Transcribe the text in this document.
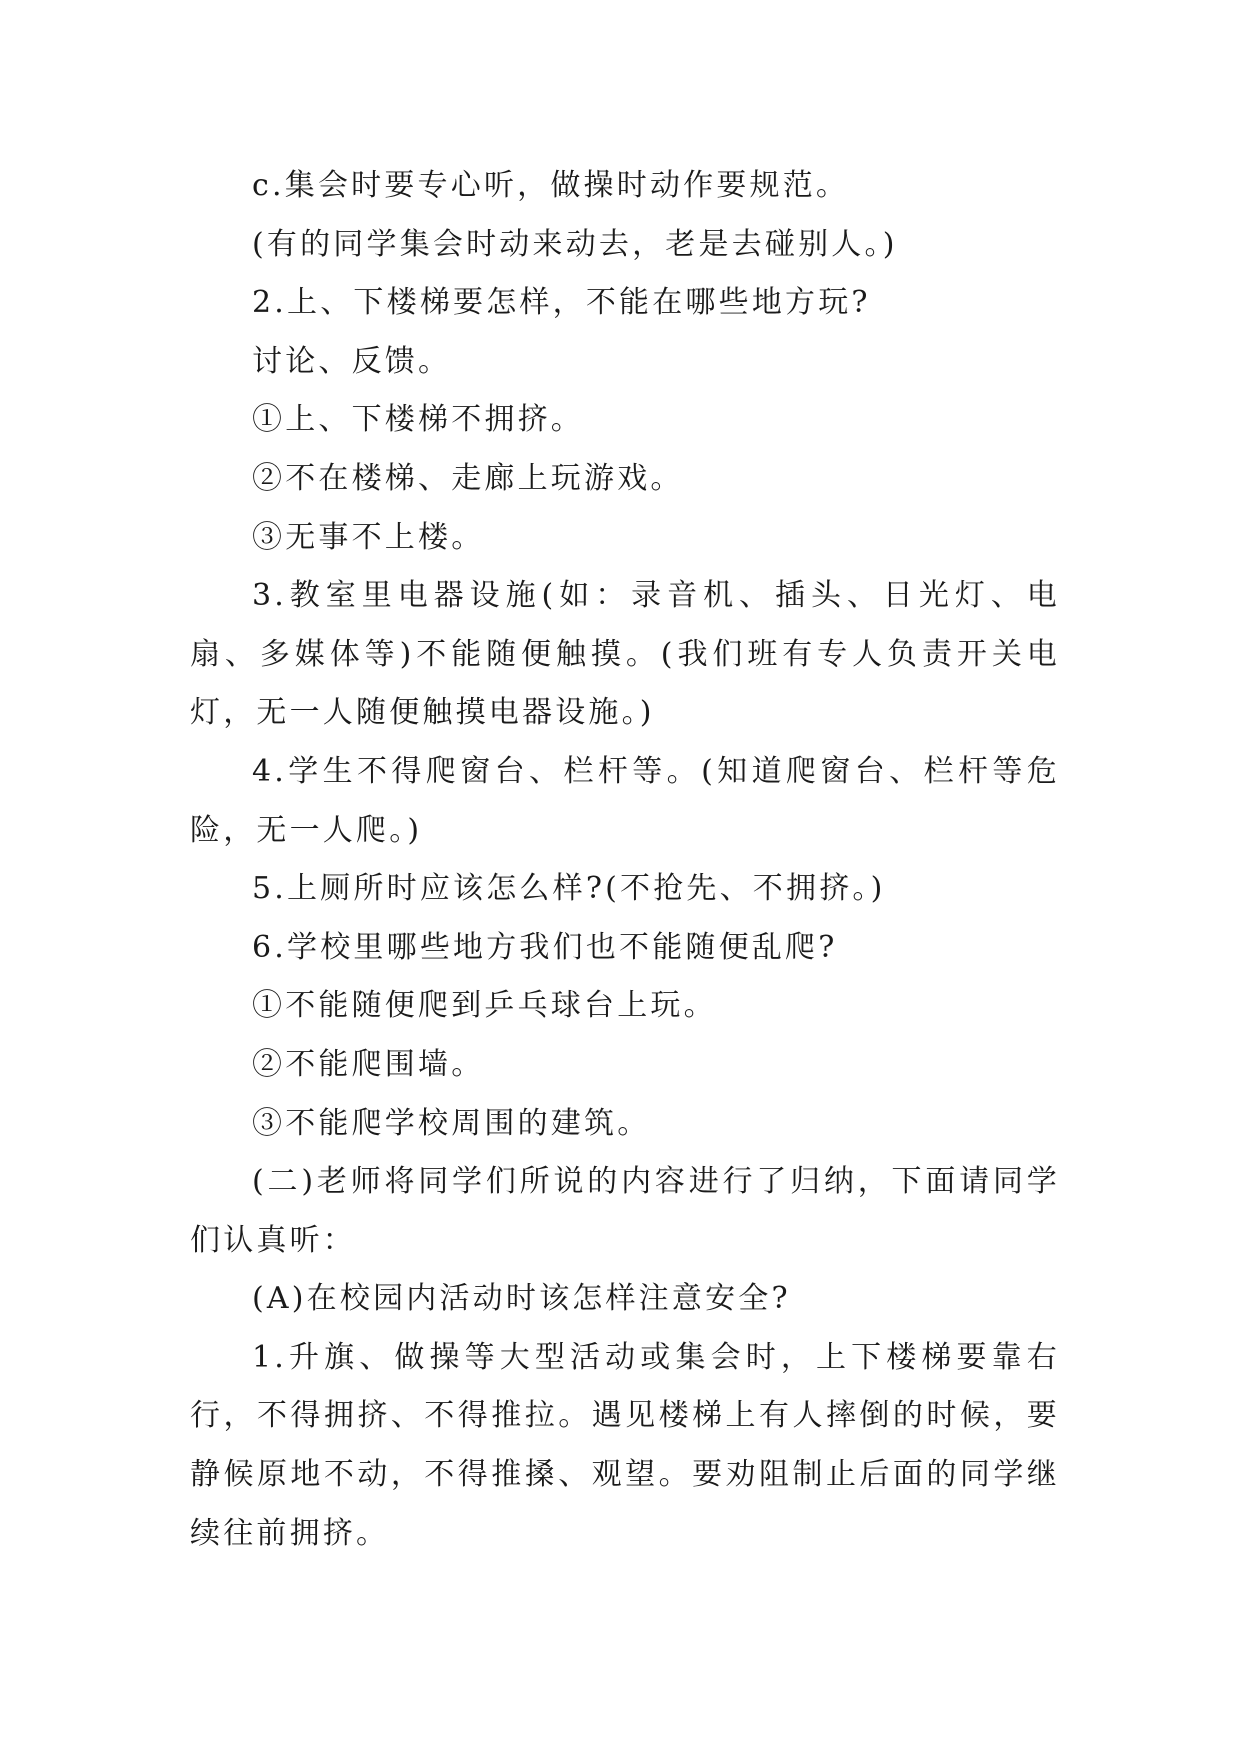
c.集会时要专心听，做操时动作要规范。

(有的同学集会时动来动去，老是去碰别人。)

2.上、下楼梯要怎样，不能在哪些地方玩?

讨论、反馈。

①上、下楼梯不拥挤。

②不在楼梯、走廊上玩游戏。

③无事不上楼。

3.教室里电器设施(如：录音机、插头、日光灯、电扇、多媒体等)不能随便触摸。(我们班有专人负责开关电灯，无一人随便触摸电器设施。)

4.学生不得爬窗台、栏杆等。(知道爬窗台、栏杆等危险，无一人爬。)

5.上厕所时应该怎么样?(不抢先、不拥挤。)

6.学校里哪些地方我们也不能随便乱爬?

①不能随便爬到乒乓球台上玩。

②不能爬围墙。

③不能爬学校周围的建筑。

(二)老师将同学们所说的内容进行了归纳，下面请同学们认真听：

(A)在校园内活动时该怎样注意安全?

1.升旗、做操等大型活动或集会时，上下楼梯要靠右行，不得拥挤、不得推拉。遇见楼梯上有人摔倒的时候，要静候原地不动，不得推搡、观望。要劝阻制止后面的同学继续往前拥挤。
